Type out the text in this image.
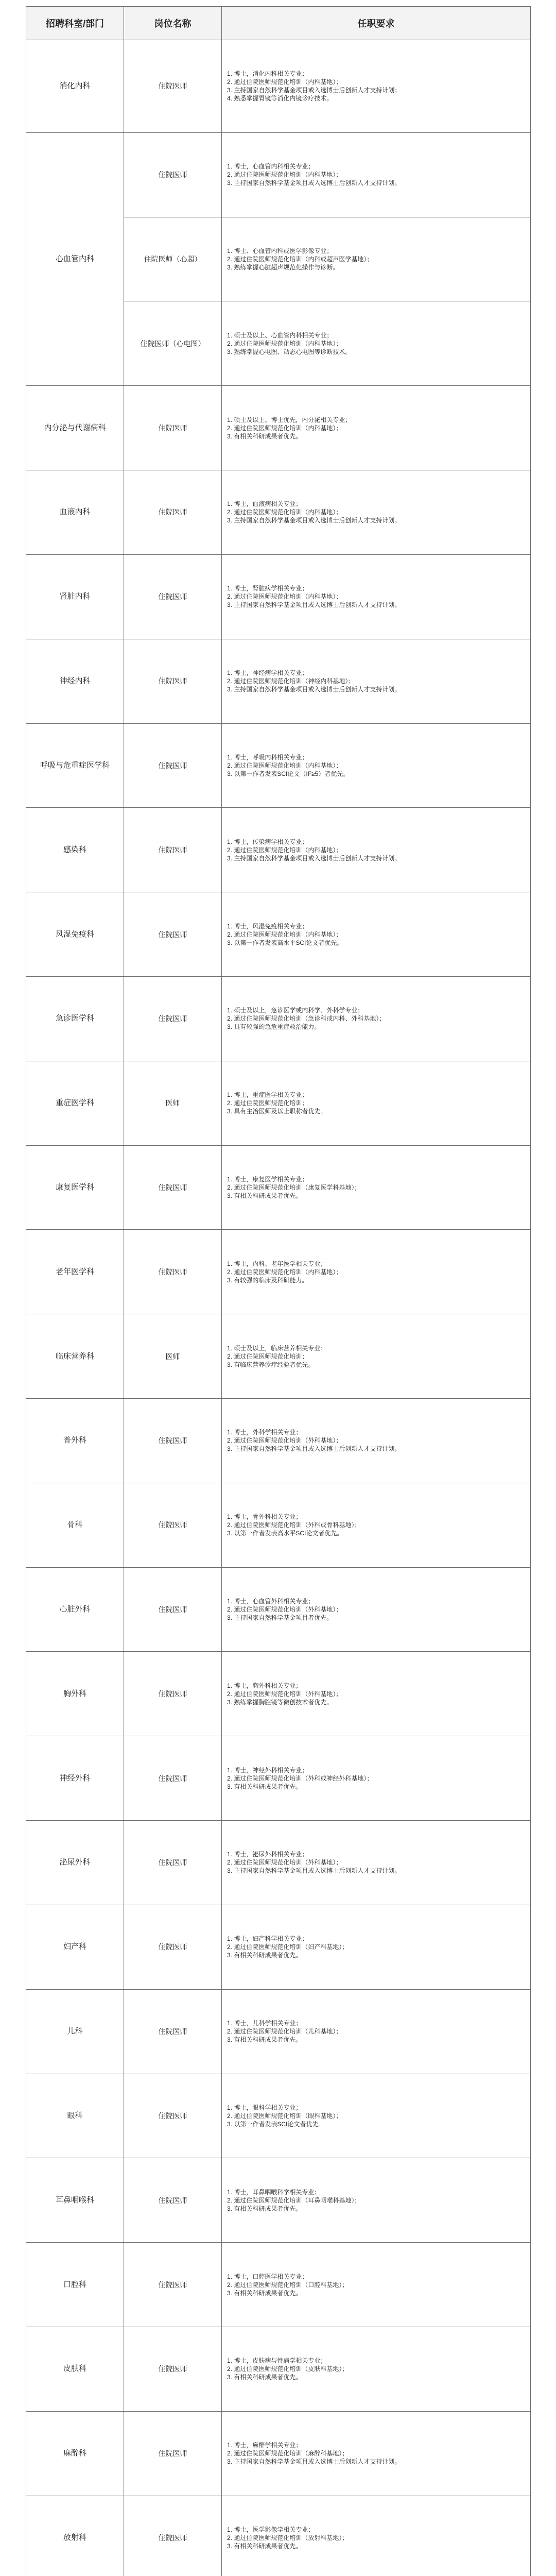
招聘科室/部门	岗位名称	任职要求
消化内科	住院医师	1. 博士，消化内科相关专业；
2. 通过住院医师规范化培训（内科基地）；
3. 主持国家自然科学基金项目或入选博士后创新人才支持计划；
4. 熟悉掌握胃镜等消化内镜诊疗技术。

心血管内科	住院医师	1. 博士，心血管内科相关专业；
2. 通过住院医师规范化培训（内科基地）；
3. 主持国家自然科学基金项目或入选博士后创新人才支持计划。

	住院医师（心超）	1. 博士、心血管内科或医学影像专业；
2. 通过住院医师规范化培训（内科或超声医学基地）；
3. 熟练掌握心脏超声规范化操作与诊断。

	住院医师（心电图）	1. 硕士及以上、心血管内科相关专业；
2. 通过住院医师规范化培训（内科基地）；
3. 熟练掌握心电图、动态心电图等诊断技术。

内分泌与代谢病科	住院医师	1. 硕士及以上、博士优先，内分泌相关专业；
2. 通过住院医师规范化培训（内科基地）；
3. 有相关科研成果者优先。

血液内科	住院医师	1. 博士，血液病相关专业；
2. 通过住院医师规范化培训（内科基地）；
3. 主持国家自然科学基金项目或入选博士后创新人才支持计划。

肾脏内科	住院医师	1. 博士，肾脏病学相关专业；
2. 通过住院医师规范化培训（内科基地）；
3. 主持国家自然科学基金项目或入选博士后创新人才支持计划。

神经内科	住院医师	1. 博士，神经病学相关专业；
2. 通过住院医师规范化培训（神经内科基地）；
3. 主持国家自然科学基金项目或入选博士后创新人才支持计划。

呼吸与危重症医学科	住院医师	1. 博士，呼吸内科相关专业；
2. 通过住院医师规范化培训（内科基地）；
3. 以第一作者发表SCI论文（IF≥5）者优先。

感染科	住院医师	1. 博士，传染病学相关专业；
2. 通过住院医师规范化培训（内科基地）；
3. 主持国家自然科学基金项目或入选博士后创新人才支持计划。

风湿免疫科	住院医师	1. 博士，风湿免疫相关专业；
2. 通过住院医师规范化培训（内科基地）；
3. 以第一作者发表高水平SCI论文者优先。

急诊医学科	住院医师	1. 硕士及以上，急诊医学或内科学、外科学专业；
2. 通过住院医师规范化培训（急诊科或内科、外科基地）；
3. 具有较强的急危重症救治能力。

重症医学科	医师	1. 博士，重症医学相关专业；
2. 通过住院医师规范化培训；
3. 具有主治医师及以上职称者优先。

康复医学科	住院医师	1. 博士，康复医学相关专业；
2. 通过住院医师规范化培训（康复医学科基地）；
3. 有相关科研成果者优先。

老年医学科	住院医师	1. 博士，内科、老年医学相关专业；
2. 通过住院医师规范化培训（内科基地）；
3. 有较强的临床及科研能力。

临床营养科	医师	1. 硕士及以上，临床营养相关专业；
2. 通过住院医师规范化培训；
3. 有临床营养诊疗经验者优先。

普外科	住院医师	1. 博士，外科学相关专业；
2. 通过住院医师规范化培训（外科基地）；
3. 主持国家自然科学基金项目或入选博士后创新人才支持计划。

骨科	住院医师	1. 博士，骨外科相关专业；
2. 通过住院医师规范化培训（外科或骨科基地）；
3. 以第一作者发表高水平SCI论文者优先。

心脏外科	住院医师	1. 博士，心血管外科相关专业；
2. 通过住院医师规范化培训（外科基地）；
3. 主持国家自然科学基金项目者优先。

胸外科	住院医师	1. 博士，胸外科相关专业；
2. 通过住院医师规范化培训（外科基地）；
3. 熟练掌握胸腔镜等微创技术者优先。

神经外科	住院医师	1. 博士，神经外科相关专业；
2. 通过住院医师规范化培训（外科或神经外科基地）；
3. 有相关科研成果者优先。

泌尿外科	住院医师	1. 博士，泌尿外科相关专业；
2. 通过住院医师规范化培训（外科基地）；
3. 主持国家自然科学基金项目或入选博士后创新人才支持计划。

妇产科	住院医师	1. 博士，妇产科学相关专业；
2. 通过住院医师规范化培训（妇产科基地）；
3. 有相关科研成果者优先。

儿科	住院医师	1. 博士，儿科学相关专业；
2. 通过住院医师规范化培训（儿科基地）；
3. 有相关科研成果者优先。

眼科	住院医师	1. 博士，眼科学相关专业；
2. 通过住院医师规范化培训（眼科基地）；
3. 以第一作者发表SCI论文者优先。

耳鼻咽喉科	住院医师	1. 博士，耳鼻咽喉科学相关专业；
2. 通过住院医师规范化培训（耳鼻咽喉科基地）；
3. 有相关科研成果者优先。

口腔科	住院医师	1. 博士，口腔医学相关专业；
2. 通过住院医师规范化培训（口腔科基地）；
3. 有相关科研成果者优先。

皮肤科	住院医师	1. 博士，皮肤病与性病学相关专业；
2. 通过住院医师规范化培训（皮肤科基地）；
3. 有相关科研成果者优先。

麻醉科	住院医师	1. 博士，麻醉学相关专业；
2. 通过住院医师规范化培训（麻醉科基地）；
3. 主持国家自然科学基金项目或入选博士后创新人才支持计划。

放射科	住院医师	1. 博士，医学影像学相关专业；
2. 通过住院医师规范化培训（放射科基地）；
3. 有相关科研成果者优先。
